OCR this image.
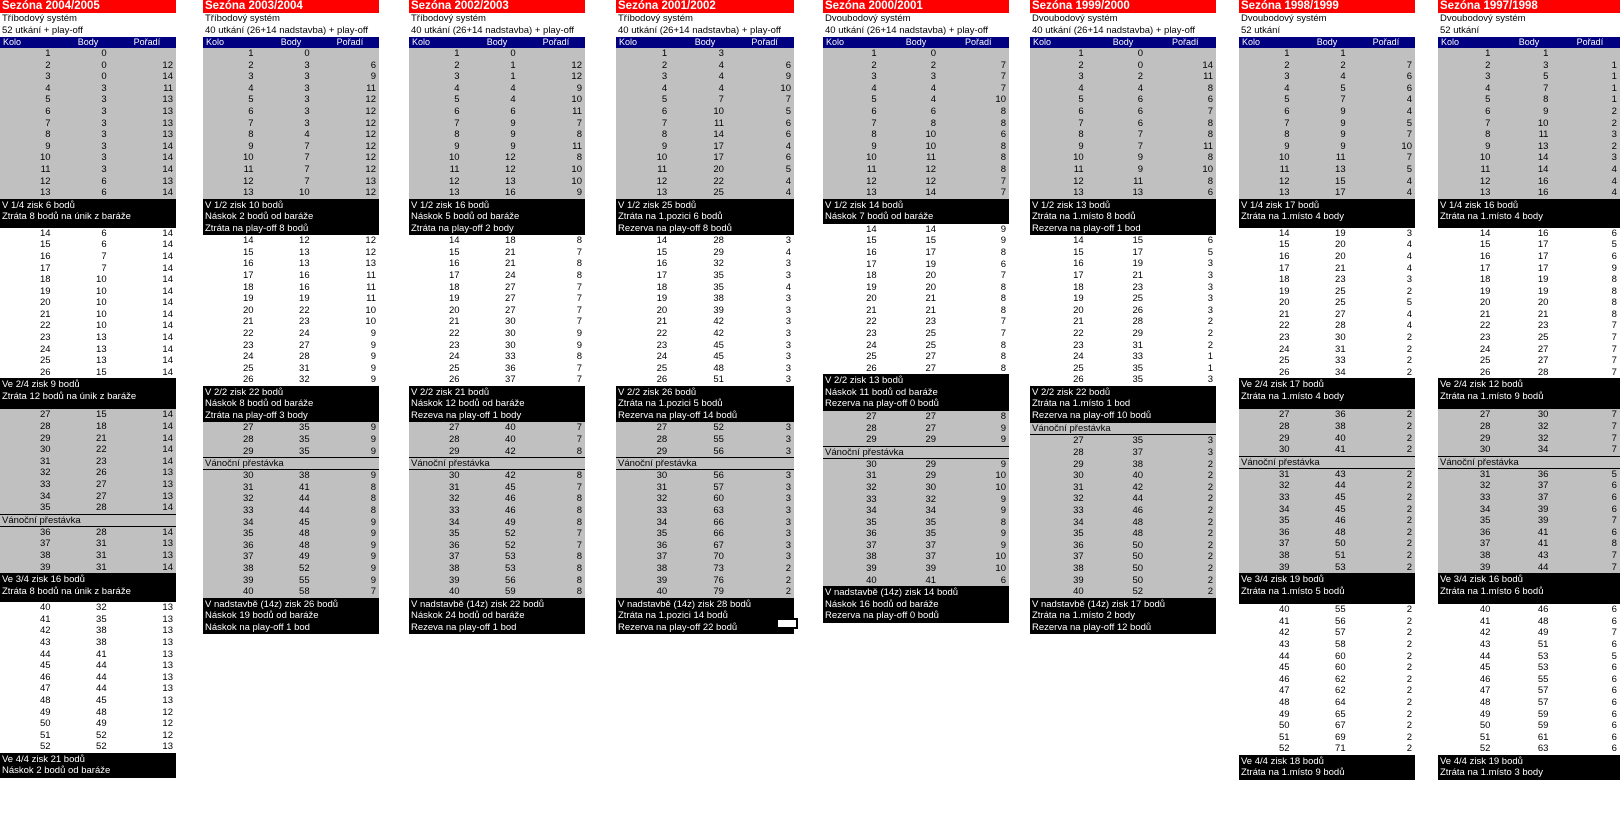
Sezóna 2004/2005
Tříbodový systém
52 utkání + play-off
Kolo	Body	Pořadí
1	0
2	0	12
3	0	14
4	3	11
5	3	13
6	3	13
7	3	13
8	3	13
9	3	14
10	3	14
11	3	14
12	6	13
13	6	14
V 1/4 zisk 6 bodů
Ztráta 8 bodů na únik z baráže
14	6	14
15	6	14
16	7	14
17	7	14
18	10	14
19	10	14
20	10	14
21	10	14
22	10	14
23	13	14
24	13	14
25	13	14
26	15	14
Ve 2/4 zisk 9 bodů
Ztráta 12 bodů na únik z baráže
27	15	14
28	18	14
29	21	14
30	22	14
31	23	14
32	26	13
33	27	13
34	27	13
35	28	14
Vánoční přestávka
36	28	14
37	31	13
38	31	13
39	31	14
Ve 3/4 zisk 16 bodů
Ztráta 8 bodů na únik z baráže
40	32	13
41	35	13
42	38	13
43	38	13
44	41	13
45	44	13
46	44	13
47	44	13
48	45	13
49	48	12
50	49	12
51	52	12
52	52	13
Ve 4/4 zisk 21 bodů
Náskok 2 bodů od baráže
Sezóna 2003/2004
Tříbodový systém
40 utkání (26+14 nadstavba) + play-off
Kolo	Body	Pořadí
1	0
2	3	6
3	3	9
4	3	11
5	3	12
6	3	12
7	3	12
8	4	12
9	7	12
10	7	12
11	7	12
12	7	13
13	10	12
V 1/2 zisk 10 bodů
Náskok 2 bodů od baráže
Ztráta na play-off 8 bodů
14	12	12
15	13	12
16	13	13
17	16	11
18	16	11
19	19	11
20	22	10
21	23	10
22	24	9
23	27	9
24	28	9
25	31	9
26	32	9
V 2/2 zisk 22 bodů
Náskok 8 bodů od baráže
Ztráta na play-off 3 body
27	35	9
28	35	9
29	35	9
Vánoční přestávka
30	38	9
31	41	8
32	44	8
33	44	8
34	45	9
35	48	9
36	48	9
37	49	9
38	52	9
39	55	9
40	58	7
V nadstavbě (14z) zisk 26 bodů
Náskok 19 bodů od baráže
Náskok na play-off 1 bod
Sezóna 2002/2003
Tříbodový systém
40 utkání (26+14 nadstavba) + play-off
Kolo	Body	Pořadí
1	0
2	1	12
3	1	12
4	4	9
5	4	10
6	6	11
7	9	7
8	9	8
9	9	11
10	12	8
11	12	10
12	13	10
13	16	9
V 1/2 zisk 16 bodů
Náskok 5 bodů od baráže
Ztráta na play-off 2 body
14	18	8
15	21	7
16	21	8
17	24	8
18	27	7
19	27	7
20	27	7
21	30	7
22	30	9
23	30	9
24	33	8
25	36	7
26	37	7
V 2/2 zisk 21 bodů
Náskok 12 bodů od baráže
Rezeva na play-off 1 body
27	40	7
28	40	7
29	42	8
Vánoční přestávka
30	42	8
31	45	7
32	46	8
33	46	8
34	49	8
35	52	7
36	52	7
37	53	8
38	53	8
39	56	8
40	59	8
V nadstavbě (14z) zisk 22 bodů
Náskok 24 bodů od baráže
Rezeva na play-off 1 bod
Sezóna 2001/2002
Tříbodový systém
40 utkání (26+14 nadstavba) + play-off
Kolo	Body	Pořadí
1	3
2	4	6
3	4	9
4	4	10
5	7	7
6	10	5
7	11	6
8	14	6
9	17	4
10	17	6
11	20	5
12	22	4
13	25	4
V 1/2 zisk 25 bodů
Ztráta na 1.pozici 6 bodů
Rezerva na play-off 8 bodů
14	28	3
15	29	4
16	32	3
17	35	3
18	35	4
19	38	3
20	39	3
21	42	3
22	42	3
23	45	3
24	45	3
25	48	3
26	51	3
V 2/2 zisk 26 bodů
Ztráta na 1.pozici 5 bodů
Rezerva na play-off 14 bodů
27	52	3
28	55	3
29	56	3
Vánoční přestávka
30	56	3
31	57	3
32	60	3
33	63	3
34	66	3
35	66	3
36	67	3
37	70	3
38	73	2
39	76	2
40	79	2
V nadstavbě (14z) zisk 28 bodů
Ztráta na 1.pozici 14 bodů
Rezerva na play-off 22 bodů
Sezóna 2000/2001
Dvoubodový systém
40 utkání (26+14 nadstavba) + play-off
Kolo	Body	Pořadí
1	0
2	2	7
3	3	7
4	4	7
5	4	10
6	6	8
7	8	8
8	10	6
9	10	8
10	11	8
11	12	8
12	12	7
13	14	7
V 1/2 zisk 14 bodů
Náskok 7 bodů od baráže
14	14	9
15	15	9
16	17	8
17	19	6
18	20	7
19	20	8
20	21	8
21	21	8
22	23	7
23	25	7
24	25	8
25	27	8
26	27	8
V 2/2 zisk 13 bodů
Náskok 11 bodů od baráže
Rezerva na play-off 0 bodů
27	27	8
28	27	9
29	29	9
Vánoční přestávka
30	29	9
31	29	10
32	30	10
33	32	9
34	34	9
35	35	8
36	35	9
37	37	9
38	37	10
39	39	10
40	41	6
V nadstavbě (14z) zisk 14 bodů
Náskok 16 bodů od baráže
Rezerva na play-off 0 bodů
Sezóna 1999/2000
Dvoubodový systém
40 utkání (26+14 nadstavba) + play-off
Kolo	Body	Pořadí
1	0
2	0	14
3	2	11
4	4	8
5	6	6
6	6	7
7	6	8
8	7	8
9	7	11
10	9	8
11	9	10
12	11	8
13	13	6
V 1/2 zisk 13 bodů
Ztráta na 1.místo 8 bodů
Rezerva na play-off 1 bod
14	15	6
15	17	5
16	19	3
17	21	3
18	23	3
19	25	3
20	26	3
21	28	2
22	29	2
23	31	2
24	33	1
25	35	1
26	35	3
V 2/2 zisk 22 bodů
Ztráta na 1.místo 1 bod
Rezerva na play-off 10 bodů
Vánoční přestávka
27	35	3
28	37	3
29	38	2
30	40	2
31	42	2
32	44	2
33	46	2
34	48	2
35	48	2
36	50	2
37	50	2
38	50	2
39	50	2
40	52	2
V nadstavbě (14z) zisk 17 bodů
Ztráta na 1.místo 2 body
Rezerva na play-off 12 bodů
Sezóna 1998/1999
Dvoubodový systém
52 utkání
Kolo	Body	Pořadí
1	1
2	2	7
3	4	6
4	5	6
5	7	4
6	9	4
7	9	5
8	9	7
9	9	10
10	11	7
11	13	5
12	15	4
13	17	4
V 1/4 zisk 17 bodů
Ztráta na 1.místo 4 body
14	19	3
15	20	4
16	20	4
17	21	4
18	23	3
19	25	2
20	25	5
21	27	4
22	28	4
23	30	2
24	31	2
25	33	2
26	34	2
Ve 2/4 zisk 17 bodů
Ztráta na 1.místo 4 body
27	36	2
28	38	2
29	40	2
30	41	2
Vánoční přestávka
31	43	2
32	44	2
33	45	2
34	45	2
35	46	2
36	48	2
37	50	2
38	51	2
39	53	2
Ve 3/4 zisk 19 bodů
Ztráta na 1.místo 5 bodů
40	55	2
41	56	2
42	57	2
43	58	2
44	60	2
45	60	2
46	62	2
47	62	2
48	64	2
49	65	2
50	67	2
51	69	2
52	71	2
Ve 4/4 zisk 18 bodů
Ztráta na 1.místo 9 bodů
Sezóna 1997/1998
Dvoubodový systém
52 utkání
Kolo	Body	Pořadí
1	1
2	3	1
3	5	1
4	7	1
5	8	1
6	9	2
7	10	2
8	11	3
9	13	2
10	14	3
11	14	4
12	16	4
13	16	4
V 1/4 zisk 16 bodů
Ztráta na 1.místo 4 body
14	16	6
15	17	5
16	17	6
17	17	9
18	19	8
19	19	8
20	20	8
21	21	8
22	23	7
23	25	7
24	27	7
25	27	7
26	28	7
Ve 2/4 zisk 12 bodů
Ztráta na 1.místo 9 bodů
27	30	7
28	32	7
29	32	7
30	34	7
Vánoční přestávka
31	36	5
32	37	6
33	37	6
34	39	6
35	39	7
36	41	6
37	41	8
38	43	7
39	44	7
Ve 3/4 zisk 16 bodů
Ztráta na 1.místo 6 bodů
40	46	6
41	48	6
42	49	7
43	51	6
44	53	5
45	53	6
46	55	6
47	57	6
48	57	6
49	59	6
50	59	6
51	61	6
52	63	6
Ve 4/4 zisk 19 bodů
Ztráta na 1.místo 3 body
